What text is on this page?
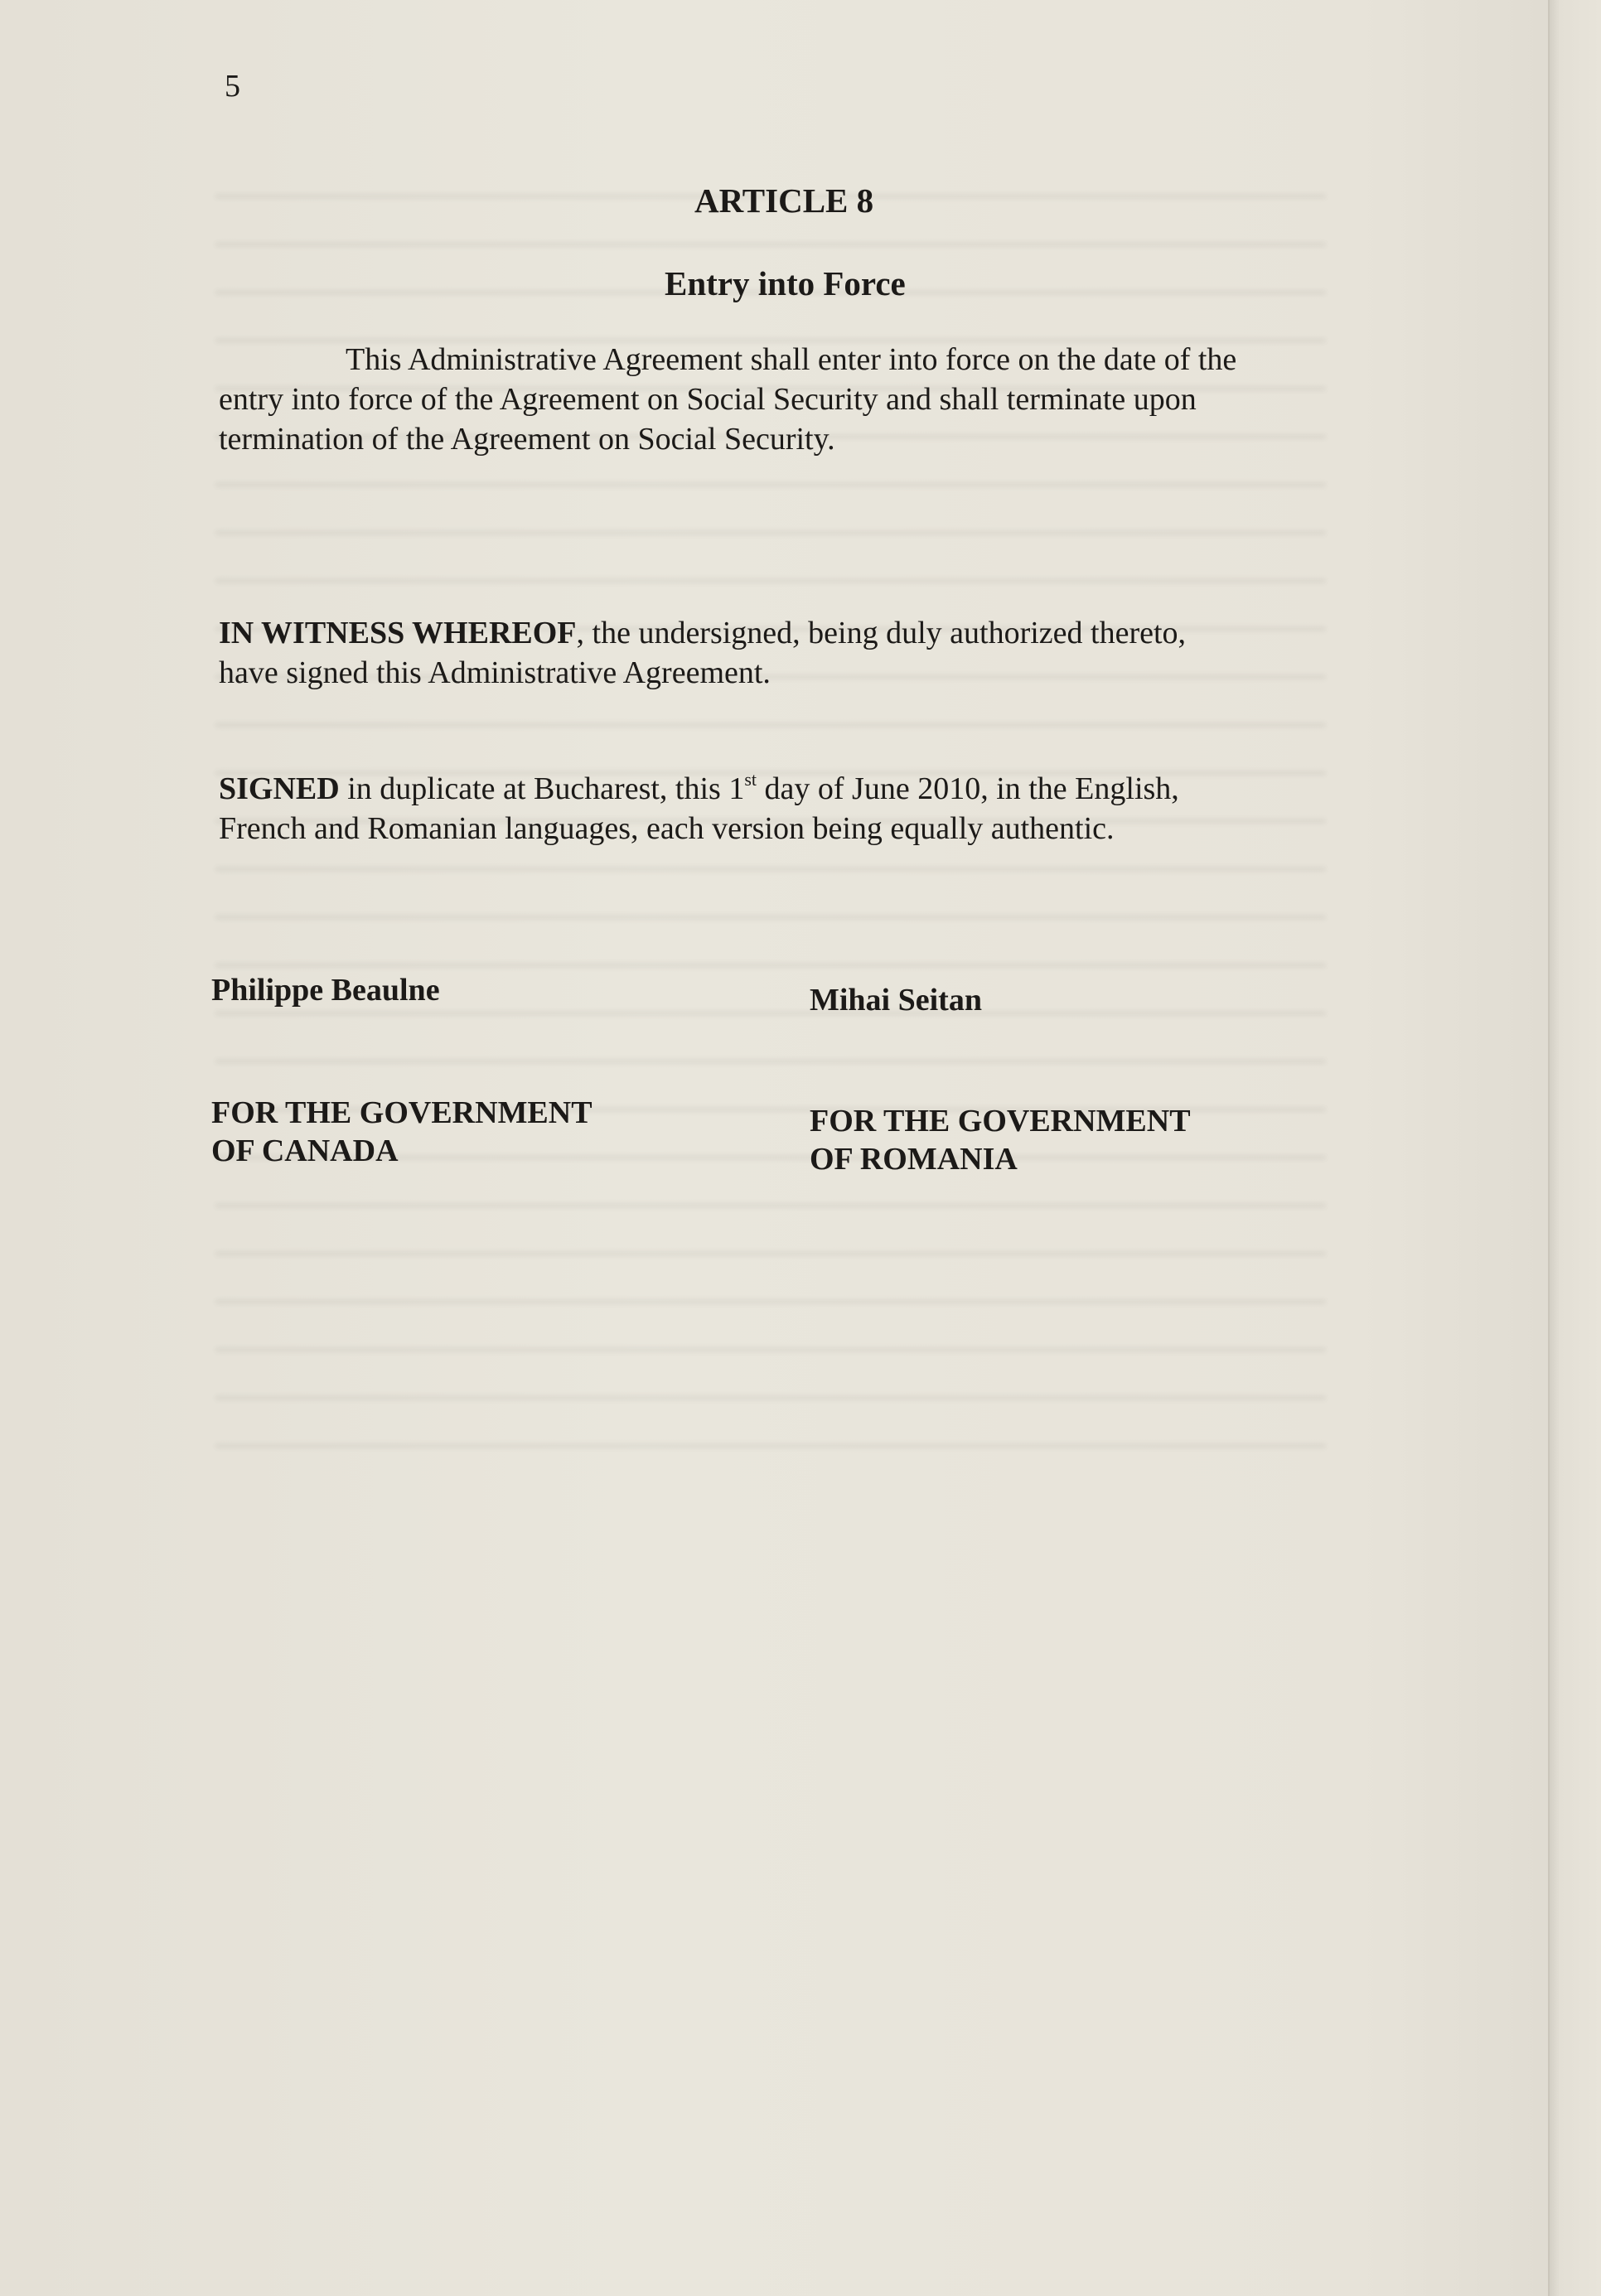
5
ARTICLE 8
Entry into Force
This Administrative Agreement shall enter into force on the date of the
entry into force of the Agreement on Social Security and shall terminate upon
termination of the Agreement on Social Security.
IN WITNESS WHEREOF, the undersigned, being duly authorized thereto,
have signed this Administrative Agreement.
SIGNED in duplicate at Bucharest, this 1st day of June 2010, in the English,
French and Romanian languages, each version being equally authentic.
Philippe Beaulne	Mihai Seitan
FOR THE GOVERNMENT
OF CANADA
FOR THE GOVERNMENT
OF ROMANIA
